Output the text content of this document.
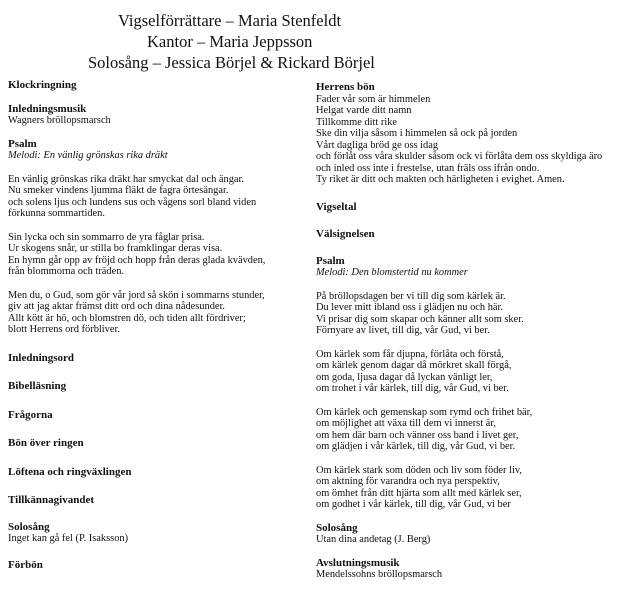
Vigselförrättare – Maria Stenfeldt
Kantor – Maria Jeppsson
Solosång – Jessica Börjel & Rickard Börjel
Klockringning
Inledningsmusik
Wagners bröllopsmarsch
Psalm
Melodi: En vänlig grönskas rika dräkt
En vänlig grönskas rika dräkt har smyckat dal och ängar.
Nu smeker vindens ljumma fläkt de fagra örtesängar.
och solens ljus och lundens sus och vågens sorl bland viden
förkunna sommartiden.
Sin lycka och sin sommarro de yra fåglar prisa.
Ur skogens snår, ur stilla bo framklingar deras visa.
En hymn går opp av fröjd och hopp från deras glada kvävden,
från blommorna och träden.
Men du, o Gud, som gör vår jord så skön i sommarns stunder,
giv att jag aktar främst ditt ord och dina nådesunder.
Allt kött är hö, och blomstren dö, och tiden allt fördriver;
blott Herrens ord förbliver.
Inledningsord
Bibelläsning
Frågorna
Bön över ringen
Löftena och ringväxlingen
Tillkännagivandet
Solosång
Inget kan gå fel (P. Isaksson)
Förbön
Herrens bön
Fader vår som är himmelen
Helgat varde ditt namn
Tillkomme ditt rike
Ske din vilja såsom i himmelen så ock på jorden
Vårt dagliga bröd ge oss idag
och förlåt oss våra skulder såsom ock vi förlåta dem oss skyldiga äro
och inled oss inte i frestelse, utan fräls oss ifrån ondo.
Ty riket är ditt och makten och härligheten i evighet. Amen.
Vigseltal
Välsignelsen
Psalm
Melodi: Den blomstertid nu kommer
På bröllopsdagen ber vi till dig som kärlek är.
Du lever mitt ibland oss i glädjen nu och här.
Vi prisar dig som skapar och känner allt som sker.
Förnyare av livet, till dig, vår Gud, vi ber.
Om kärlek som får djupna, förlåta och förstå,
om kärlek genom dagar då mörkret skall förgå,
om goda, ljusa dagar då lyckan vänligt ler,
om trohet i vår kärlek, till dig, vår Gud, vi ber.
Om kärlek och gemenskap som rymd och frihet bär,
om möjlighet att växa till dem vi innerst är,
om hem där barn och vänner oss band i livet ger,
om glädjen i vår kärlek, till dig, vår Gud, vi ber.
Om kärlek stark som döden och liv som föder liv,
om aktning för varandra och nya perspektiv,
om ömhet från ditt hjärta som allt med kärlek ser,
om godhet i vår kärlek, till dig, vår Gud, vi ber
Solosång
Utan dina andetag (J. Berg)
Avslutningsmusik
Mendelssohns bröllopsmarsch
